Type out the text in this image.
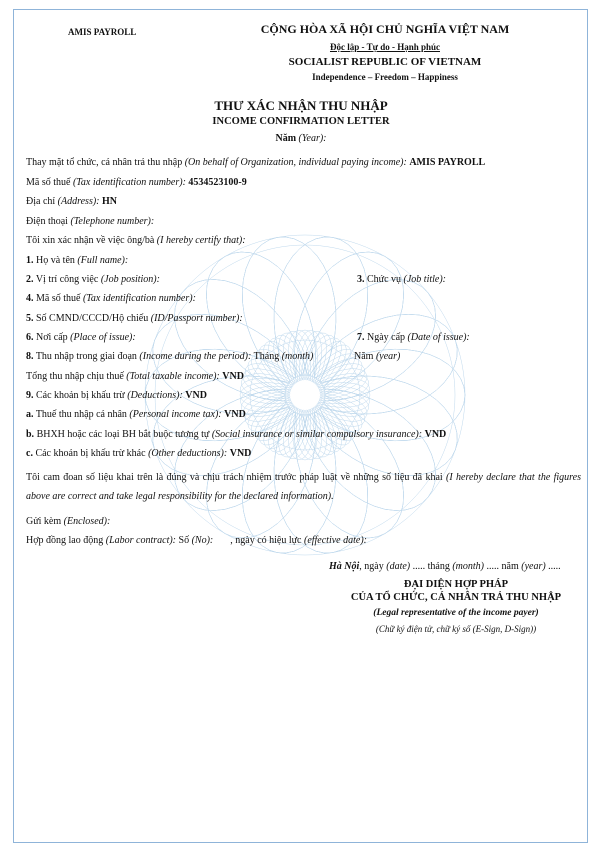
AMIS PAYROLL	CỘNG HÒA XÃ HỘI CHỦ NGHĨA VIỆT NAM
Độc lập - Tự do - Hạnh phúc
SOCIALIST REPUBLIC OF VIETNAM
Independence – Freedom – Happiness
THƯ XÁC NHẬN THU NHẬP
INCOME CONFIRMATION LETTER
Năm (Year):
Thay mặt tổ chức, cá nhân trả thu nhập (On behalf of Organization, individual paying income): AMIS PAYROLL
Mã số thuế (Tax identification number): 4534523100-9
Địa chỉ (Address): HN
Điện thoại (Telephone number):
Tôi xin xác nhận về việc ông/bà (I hereby certify that):
1. Họ và tên (Full name):
2. Vị trí công việc (Job position):	3. Chức vụ (Job title):
4. Mã số thuế (Tax identification number):
5. Số CMND/CCCD/Hộ chiếu (ID/Passport number):
6. Nơi cấp (Place of issue):	7. Ngày cấp (Date of issue):
8. Thu nhập trong giai đoạn (Income during the period): Tháng (month)	Năm (year)
Tổng thu nhập chịu thuế (Total taxable income): VND
9. Các khoản bị khấu trừ (Deductions): VND
a. Thuế thu nhập cá nhân (Personal income tax): VND
b. BHXH hoặc các loại BH bắt buộc tương tự (Social insurance or similar compulsory insurance): VND
c. Các khoản bị khấu trừ khác (Other deductions): VND
Tôi cam đoan số liệu khai trên là đúng và chịu trách nhiệm trước pháp luật về những số liệu đã khai (I hereby declare that the figures above are correct and take legal responsibility for the declared information).
Gửi kèm (Enclosed):
Hợp đồng lao động (Labor contract): Số (No): , ngày có hiệu lực (effective date):
Hà Nội, ngày (date) ..... tháng (month) ..... năm (year) .....
ĐẠI DIỆN HỢP PHÁP
CỦA TỔ CHỨC, CÁ NHÂN TRẢ THU NHẬP
(Legal representative of the income payer)
(Chữ ký điện tử, chữ ký số (E-Sign, D-Sign))
